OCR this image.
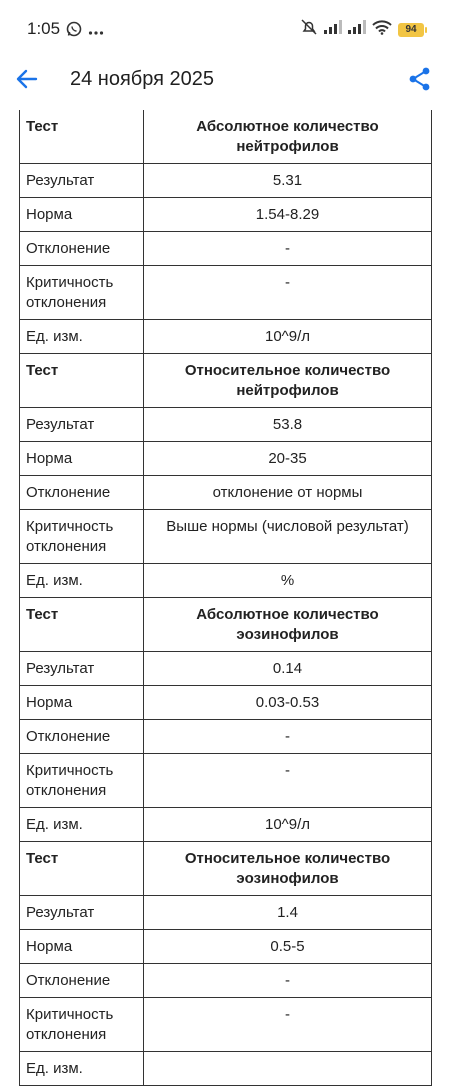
1:05	94
24 ноября 2025
Тест	Абсолютное количество нейтрофилов
Результат	5.31
Норма	1.54-8.29
Отклонение	-
Критичность отклонения	-
Ед. изм.	10^9/л
Тест	Относительное количество нейтрофилов
Результат	53.8
Норма	20-35
Отклонение	отклонение от нормы
Критичность отклонения	Выше нормы (числовой результат)
Ед. изм.	%
Тест	Абсолютное количество эозинофилов
Результат	0.14
Норма	0.03-0.53
Отклонение	-
Критичность отклонения	-
Ед. изм.	10^9/л
Тест	Относительное количество эозинофилов
Результат	1.4
Норма	0.5-5
Отклонение	-
Критичность отклонения	-
Ед. изм.	
